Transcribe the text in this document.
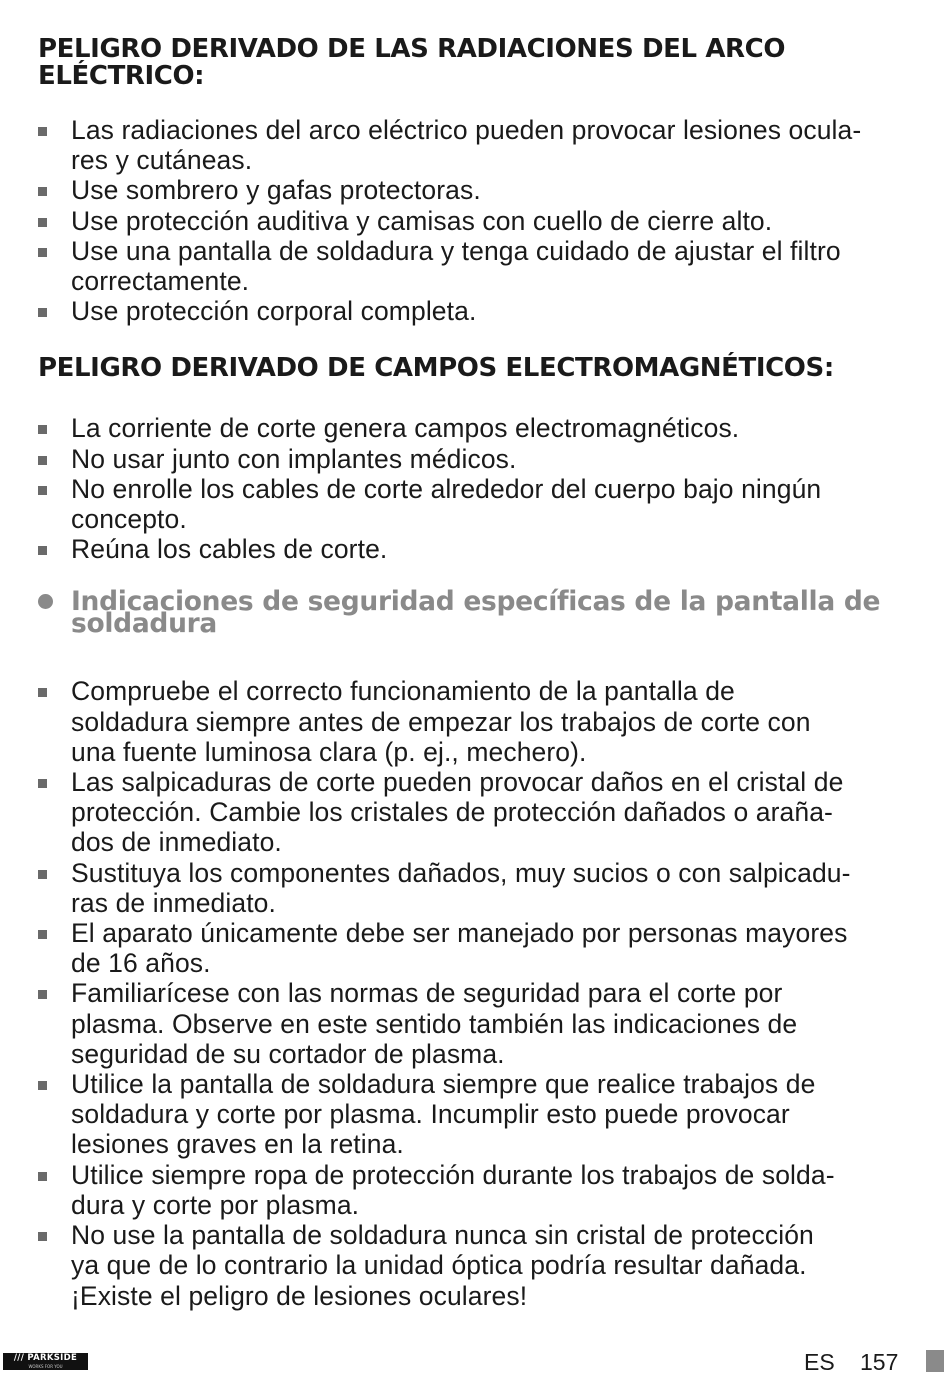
PELIGRO DERIVADO DE LAS RADIACIONES DEL ARCO
ELÉCTRICO:
Las radiaciones del arco eléctrico pueden provocar lesiones ocula-
res y cutáneas.
Use sombrero y gafas protectoras.
Use protección auditiva y camisas con cuello de cierre alto.
Use una pantalla de soldadura y tenga cuidado de ajustar el filtro
correctamente.
Use protección corporal completa.
PELIGRO DERIVADO DE CAMPOS ELECTROMAGNÉTICOS:
La corriente de corte genera campos electromagnéticos.
No usar junto con implantes médicos.
No enrolle los cables de corte alrededor del cuerpo bajo ningún
concepto.
Reúna los cables de corte.
Indicaciones de seguridad específicas de la pantalla de
soldadura
Compruebe el correcto funcionamiento de la pantalla de
soldadura siempre antes de empezar los trabajos de corte con
una fuente luminosa clara (p. ej., mechero).
Las salpicaduras de corte pueden provocar daños en el cristal de
protección. Cambie los cristales de protección dañados o araña-
dos de inmediato.
Sustituya los componentes dañados, muy sucios o con salpicadu-
ras de inmediato.
El aparato únicamente debe ser manejado por personas mayores
de 16 años.
Familiarícese con las normas de seguridad para el corte por
plasma. Observe en este sentido también las indicaciones de
seguridad de su cortador de plasma.
Utilice la pantalla de soldadura siempre que realice trabajos de
soldadura y corte por plasma. Incumplir esto puede provocar
lesiones graves en la retina.
Utilice siempre ropa de protección durante los trabajos de solda-
dura y corte por plasma.
No use la pantalla de soldadura nunca sin cristal de protección
ya que de lo contrario la unidad óptica podría resultar dañada.
¡Existe el peligro de lesiones oculares!
/// PARKSIDE
WORKS FOR YOU	ES 157
